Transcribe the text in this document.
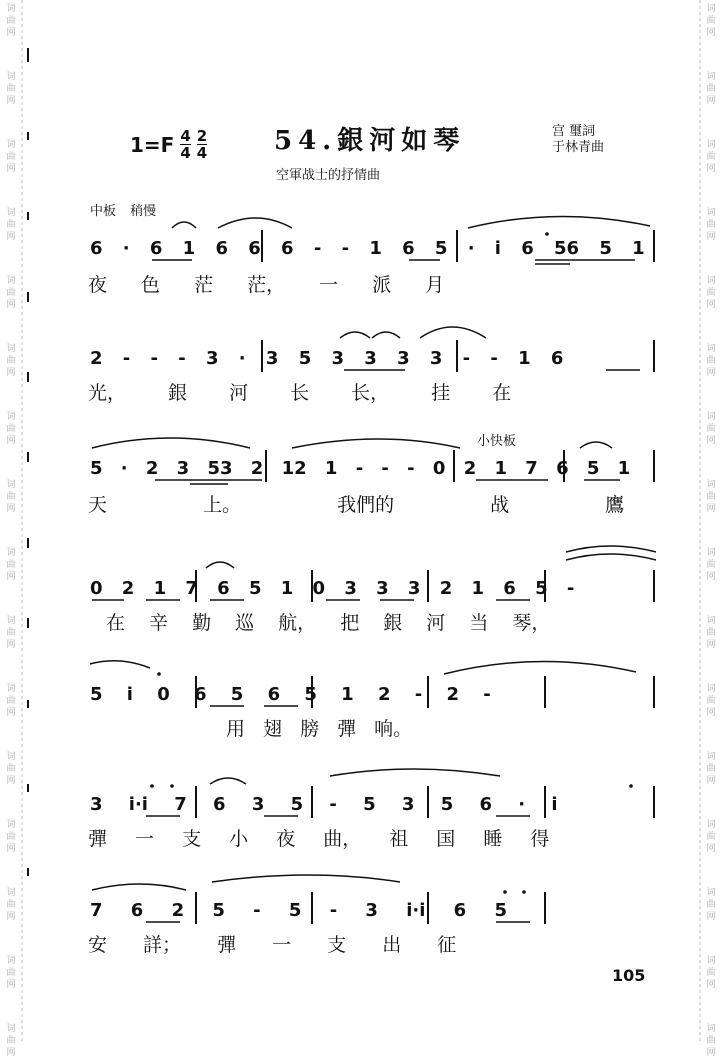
词
曲
网
词
曲
网
词
曲
网
词
曲
网
词
曲
网
词
曲
网
词
曲
网
词
曲
网
词
曲
网
词
曲
网
词
曲
网
词
曲
网
词
曲
网
词
曲
网
词
曲
网
词
曲
网
词
曲
网
词
曲
网
词
曲
网
词
曲
网
词
曲
网
词
曲
网
词
曲
网
词
曲
网
词
曲
网
词
曲
网
词
曲
网
词
曲
网
词
曲
网
词
曲
网
词
曲
网
词
曲
网
$1=F \frac{4}{4} \frac{2}{4}$	54.銀河如琴	宫 璽詞
于林青曲
空軍战士的抒情曲
中板 稍慢
小快板
105
6 · 6 1 6 6 6 - - 1 6 5 · i 6 56 5 1
夜 色 茫 茫， 一 派 月
2 - - - 3 · 3 5 3 3 3 3 - - 1 6
光， 銀 河 长 长， 挂 在
5 · 2 3 53 2 12 1 - - - 0 2 1 7 6 5 1
天 上。 我們的 战 鷹
0 2 1 7 6 5 1 0 3 3 3 2 1 6 5 -
在 辛 勤 巡 航， 把 銀 河 当 琴，
5 i 0 6 5 6 5 1 2 - 2 -
用 翅 膀 彈 响。
3 i·i 7 6 3 5 - 5 3 5 6 · i
彈 一 支 小 夜 曲， 祖 国 睡 得
7 6 2 5 - 5 - 3 i·i 6 5
安 詳； 彈 一 支 出 征
